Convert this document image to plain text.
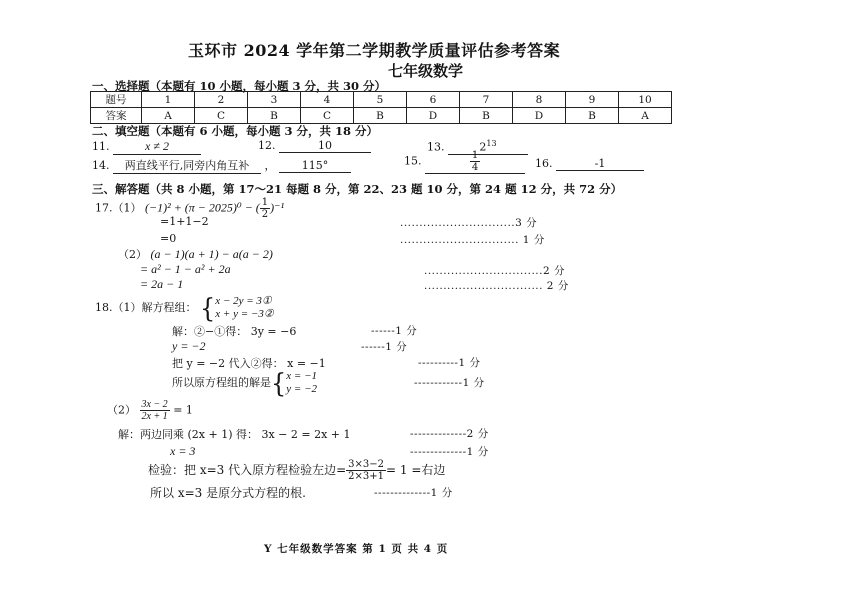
玉环市 2024 学年第二学期教学质量评估参考答案
七年级数学
一、选择题（本题有 10 小题，每小题 3 分，共 30 分）
题号	1	2	3	4	5	6	7	8	9	10
答案	A	C	B	C	B	D	B	D	B	A
二、填空题（本题有 6 小题，每小题 3 分，共 18 分）
11.	x ≠ 2	12.	10	13.	$2^{13}$
14. 两直线平行,同旁内角互补 ， 115°	15.	$\frac{1}{4}$	16.	-1
三、解答题（共 8 小题，第 17～21 每题 8 分，第 22、23 题 10 分，第 24 题 12 分，共 72 分）
17.（1） (−1)² + (π − 2025)⁰ − ( $\frac{1}{2} )^{-1}$
=1+1−2	..............................3 分
=0	............................... 1 分
（2） (a − 1)(a + 1) − a(a − 2)
= a² − 1 − a² + 2a	...............................2 分
= 2a − 1	............................... 2 分
18.（1）解方程组： { x − 2y = 3①
x + y = −3②
解：②−①得： 3y = −6	------1 分
y = −2	------1 分
把 y = −2 代入②得： x = −1	----------1 分
所以原方程组的解是{ x = −1
y = −2	------------1 分
$(2) \frac{3x - 2}{2x + 1} = 1$
解：两边同乘 (2x + 1) 得： 3x − 2 = 2x + 1	--------------2 分
x = 3	--------------1 分
检验：把 x=3 代入原方程检验左边= $\frac{3\times 3-2}{2\times 3+1} = 1$ =右边
所以 x=3 是原分式方程的根.	--------------1 分
Y 七年级数学答案 第 1 页 共 4 页
